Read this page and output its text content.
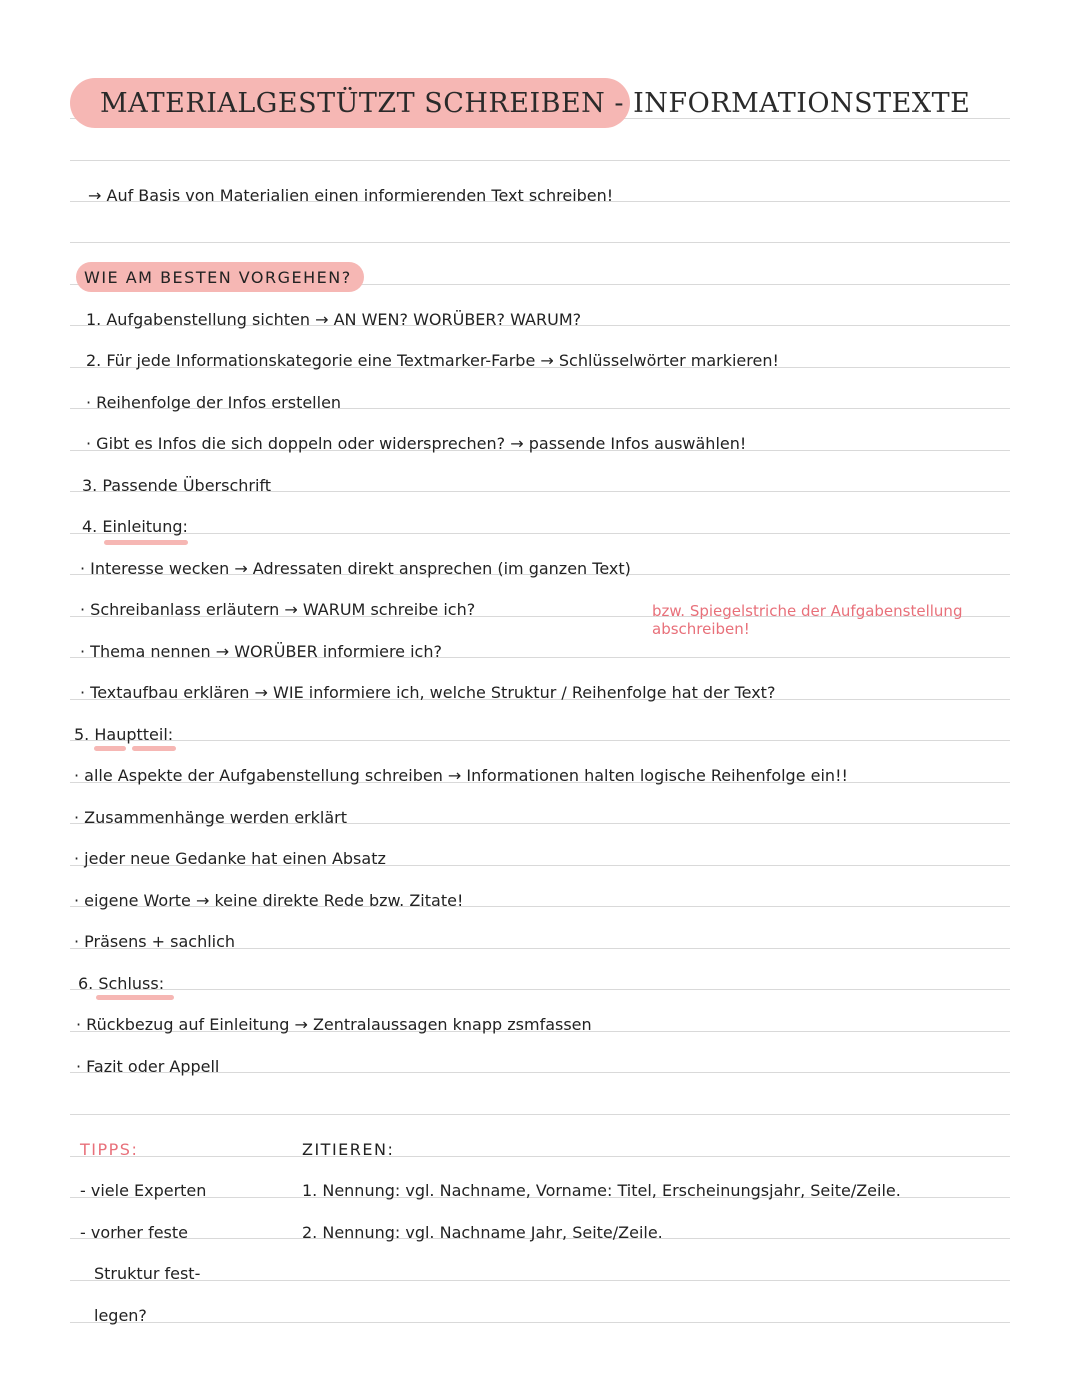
MATERIALGESTÜTZT SCHREIBEN - INFORMATIONSTEXTE
→ Auf Basis von Materialien einen informierenden Text schreiben!
WIE AM BESTEN VORGEHEN?
1. Aufgabenstellung sichten → AN WEN? WORÜBER? WARUM?
2. Für jede Informationskategorie eine Textmarker-Farbe → Schlüsselwörter markieren!
· Reihenfolge der Infos erstellen
· Gibt es Infos die sich doppeln oder widersprechen? → passende Infos auswählen!
3. Passende Überschrift
4. Einleitung:
· Interesse wecken → Adressaten direkt ansprechen (im ganzen Text)
· Schreibanlass erläutern → WARUM schreibe ich?
· Thema nennen → WORÜBER informiere ich?
· Textaufbau erklären → WIE informiere ich, welche Struktur / Reihenfolge hat der Text?
bzw. Spiegelstriche der Aufgabenstellung abschreiben!
5. Hauptteil:
· alle Aspekte der Aufgabenstellung schreiben → Informationen halten logische Reihenfolge ein!!
· Zusammenhänge werden erklärt
· jeder neue Gedanke hat einen Absatz
· eigene Worte → keine direkte Rede bzw. Zitate!
· Präsens + sachlich
6. Schluss:
· Rückbezug auf Einleitung → Zentralaussagen knapp zsmfassen
· Fazit oder Appell
TIPPS:
- viele Experten
- vorher feste
Struktur fest-
legen?
ZITIEREN:
1. Nennung: vgl. Nachname, Vorname: Titel, Erscheinungsjahr, Seite/Zeile.
2. Nennung: vgl. Nachname Jahr, Seite/Zeile.
